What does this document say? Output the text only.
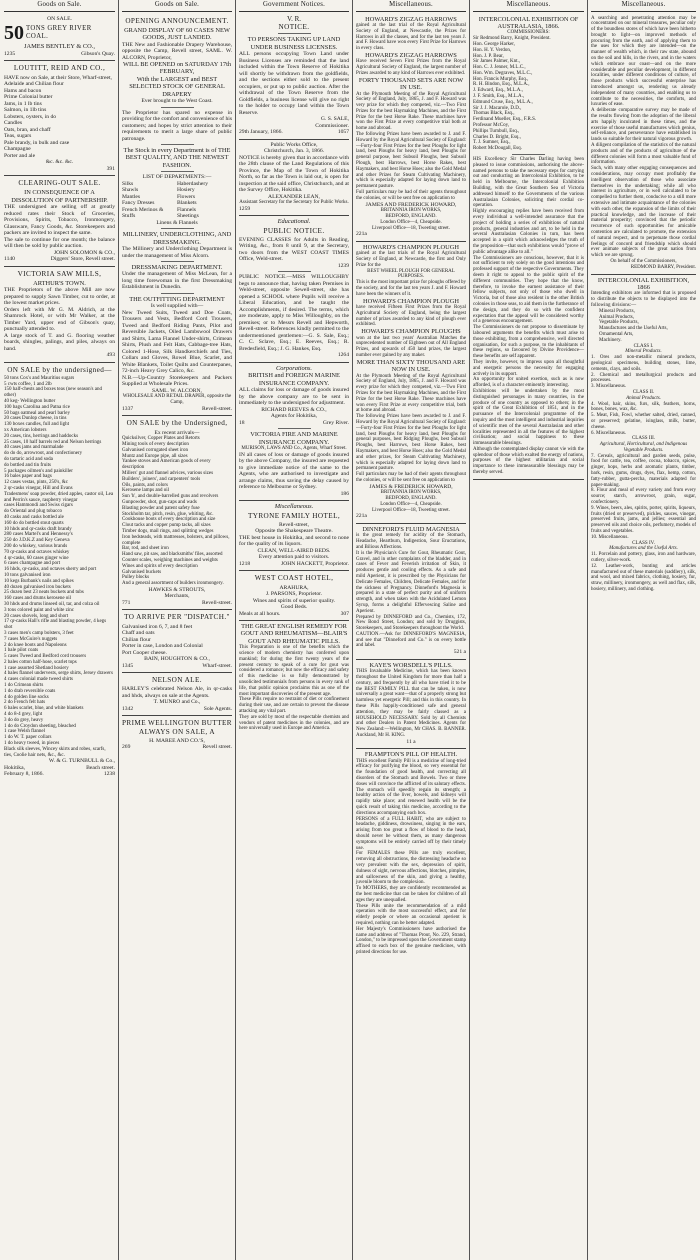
Goods on Sale.
ON SALE.
50 TONS GREY RIVER COAL.
JAMES BENTLEY & CO.,
1235	Gibson's Quay.
LOUTITT, REID AND CO.,
HAVE now on Sale, at their Store, Wharf-street,
Adelaide and Chilian flour
Hams and bacon
Prime Colonial butter
Jams, in 1 lb tins
Salmon, in 1lb tins
Lobsters, oysters, in do
Candles
Oats, bran, and chaff
Teas, sugars
Pale brandy, in bulk and case
Champagne
Porter and ale
&c. &c. &c.
391
CLEARING-OUT SALE.
IN CONSEQUENCE OF A DISSOLUTION OF PARTNERSHIP.
THE undersigned are selling off at greatly reduced rates their Stock of Groceries, Provisions, Spirits, Tobacco, Ironmongery, Glassware, Fancy Goods, &c. Storekeepers and packers are invited to inspect the same.
The sale to continue for one month; the balance will then be sold by public auction.
JOHN SOLOMON & CO.,
1140	Diggers' Store, Revell street.
VICTORIA SAW MILLS,
ARTHUR'S TOWN.
THE Proprietors of the above Mill are now prepared to supply Sawn Timber, cut to order, at the lowest market prices.
Orders left with Mr G. M. Aldrich, at the Shamrock Hotel, or with Mr Walker, at the Timber Yard, upper end of Gibson's quay, punctually attended to.
A large stock of T. and G. flooring weather boards, shingles, palings, and piles, always on hand.
493
ON SALE by the undersigned—
50 tons Cox's and Mauritius sugars
5 cwts coffee, 1 and 2lb
150 half-chests and boxes teas (new season's and other)
40 keg- Wellington butter
100 bags Carolina and Patna rice
50 bags oatmeal and pearl barley
20 cases Dunlop cheese, in tins
130 boxes candles, full and light
xx American lobsters
20 cases, tins, herrings and haddocks
25 cases, 10 half barrels red and Nelson herrings
40 cases jams and marmalade
do do do, arrowroot, and confectionery
do tartaric acid and soda
do bottled and tin fruits
5 packages oilmen's and painkiller
16 bales paper and bags
12 cases vestas, pints, 250's, &c
2 qr-casks vinegar, Hill and Evans
Tradesmens' soap powder, dried apples, castor oil, Lea and Perrin's sauce, raspberry vinegar
cases Hammondi and Swiss cigars
do Oriental and plug tobacco
40 casks and casks bottled ale
160 do do bottled stout quarts
10 hhds and qr-casks draft brandy
280 cases Martel's and Hennessy's
250 do J.D.K.Z and Key Geneva
200 do whiskey, various brands
70 qr-casks and octaves whiskey
4 qr-casks, 60 cases ginger wine
6 cases champagne and port
16 hhds, qr-casks, and octaves sherry and port
10 tons galvanised iron
10 kegs Burbank's nails and spikes
40 dozen galvanised iron buckets
25 dozen best 23 neats buckets and tubs
160 cases and drums kerosene oil
30 hhds and drums linseed oil, tar, and colza oil
3 tons colored paint and white zinc
20 cases shovels, long and short
17 qr-casks Hall's rifle and blasting powder, 4 kegs shot
3 cases men's camp bolsters, 3 feet
7 cases McGuire's nuggets
2 do knee boots and Napoleons
1 bale pilot coats
5 cases Tweed and Bedford cord trousers
2 bales cotton half-hose, scarlet tops
1 case assorted Shetland hosiery
4 bales flannel undervests, serge shirts, Jersey drawers
4 cases colonial made tweed shirts
1 do Crimean shirts
1 do drab reversible coats
4 do golden line socks
2 do French felt hats
6 bales scarlet, blue, and white blankets
4 do 8-4 grey, light
3 do do grey, heavy
1 do do Croydon sheeting, bleached
1 case Welsh flannel
1 do W. T. paper collars
1 do heavy tweed, in pieces
Black silk sleeves, Wincey skirts and robes, scarfs, ties, Coolie hair nets, &c., &c.
W. & G. TURNBULL & Co.,
Hokitika,	Beach street.
February 8, 1866.	1238
Goods on Sale.
OPENING ANNOUNCEMENT.
GRAND DISPLAY OF 60 CASES NEW GOODS, JUST LANDED.
THE New and Fashionable Drapery Warehouse, opposite the Camp, Revell street, SAML. W. ALCORN, Proprietor,
WILL BE OPENED on SATURDAY 17th FEBRUARY,
With the LARGEST and BEST SELECTED STOCK OF GENERAL DRAPERY
Ever brought to the West Coast.
The Proprietor has spared no expense in providing for the comfort and convenience of his customers; and hopes by strict attention to their requirements to merit a large share of public patronage.
The Stock in every Department is of THE BEST QUALITY, AND THE NEWEST FASHION.
LIST OF DEPARTMENTS:—
Silks
Shawls
Mantles
Fancy Dresses
French Merinos &
Stuffs
Haberdashery
Hosiery
Flowers
Blankets
Flannels
Sheetings
Linens & Flannels
MILLINERY, UNDERCLOTHING, AND DRESSMAKING.
The Millinery and Underclothing Department is under the management of Miss Alcorn.
DRESSMAKING DEPARTMENT.
Under the management of Miss McLean, for a long time forewoman in the first Dressmaking Establishment in Dunedin.
THE OUTFITTING DEPARTMENT
Is well supplied with—
New Tweed Suits, Tweed and Doe Coats, Trousers and Vests, Bedford Cord Trousers, Tweed and Bedford Riding Pants, Pilot and Reversible Jackets, Oiled Lambswool Drawers and Shirts, Lama Flannel Under-shirts, Crimean Shirts, Plush and Felt Hats, Cabbage-tree Hats, Colored 1-Hose, Silk Handkerchiefs and Ties, Collars and Gloves, Rowel Blue, Scarlet, and White Blankets, Toilet Quilts and Counterpanes, 72-inch Heavy Grey Calico, &c.
N.B.—Up-Country Storekeepers and Packers Supplied at Wholesale Prices.
SAML. W. ALCORN,
WHOLESALE AND RETAIL DRAPER, opposite the Camp,
1337	Revell-street.
ON SALE by the Undersigned,
Ex recent arrivals—
Quicksilver, Copper Plates and Retorts
Mining tools of every description
Galvanised corrugated sheet iron
Muntz and Europe pipe, all sizes
Yankee stoves and American goods of every description
Millers' gut and flannel advices, various sizes
Builders', joiners', and carpenters' tools
Oils, paints, and colors
Kerosene lamps and oil
Sun 'h', and double-barrelled guns and revolvers
Gunpowder, shot, gun-caps and wads
Blasting powder and patent safety fuse
Stockholm tar, pitch, resin, glue, whiting, &c.
Cookhouse boots of every description and size
Clout tacks and copper pump tacks, all sizes
Timber dogs, mail rings, and splitting wedges
Iron bedsteads, with mattresses, bolsters, and pillows, complete
Bar, rod, and sheet iron
Hand saw, pit saw, and blacksmiths' files, assorted
Counter scales, weighing machines and weights
Wines and spirits of every description
Galvanised buckets
Pulley blocks
And a general assortment of builders ironmongery.
HAWKES & STROUTS,
Merchants,
771	Revell-street.
TO ARRIVE PER "DISPATCH."
Galvanised iron 6, 7, and 8 feet
Chaff and oats
Chilian flour
Porter in case, London and Colonial
Port Cooper cheese.
BAIN, HOUGHTON & CO.,
1345	Wharf-street.
NELSON ALE.
HARLEY'S celebrated Nelson Ale, in qr-casks and hhds, always on sale at the Agents.
T. MUNRO and Co.,
1342	Sole Agents.
PRIME WELLINGTON BUTTER ALWAYS ON SALE, A
H. MAREE AND CO.'S,
269	Revell street.
Government Notices.
V. R.
NOTICE.
TO PERSONS TAKING UP LAND UNDER BUSINESS LICENSES.
ALL persons occupying Town Land under Business Licenses are reminded that the land included within the Town Reserve of Hokitika will shortly be withdrawn from the goldfields, and the sections either sold to the present occupiers, or put up to public auction. After the withdrawal of the Town Reserve from the Goldfields, a business license will give no right to the holder to occupy land within the Town Reserve.
G. S. SALE,
Commissioner.
29th January, 1866.	1057
Public Works Office,
Christchurch, Jan. 3, 1866.
NOTICE is hereby given that in accordance with the 28th clause of the Land Regulations of this Province, the Map of the Town of Hokitika North, so far as the Town is laid out, is open for inspection at the said office, Christchurch, and at the Survey Office, Hokitika.
ALEXANDER LEAN,
Assistant Secretary for the Secretary for Public Works.
1259
Educational.
PUBLIC NOTICE.
EVENING CLASSES for Adults in Reading, Writing, &c., from 8 until 9, at the Secretary, two doors from the WEST COAST TIMES Office, Weld-street.
1239
PUBLIC NOTICE.—MISS WILLOUGHBY begs to announce that, having taken Premises in Weld-street, opposite Sewell-street, she has opened a SCHOOL where Pupils will receive a Liberal Education, and be taught the Accomplishments, if desired. The terms, which are moderate, apply to Miss Willoughby, on the premises; or to Messrs Revell and Hepworth, Revell-street. References kindly permitted to the undermentioned gentlemen:—G. S. Sale, Esq.; C. C. Sclave, Esq.; E. Reeves, Esq.; R. Bredesfield, Esq.; J. G. Hankes, Esq.
1264
Corporations.
BRITISH and FOREIGN MARINE INSURANCE COMPANY.
ALL claims for loss or damage of goods insured by the above company are to be sent in immediately to the undersigned for adjustment.
RICHARD REEVES & CO.,
Agents for Hokitika,
18	Grey River.
VICTORIA FIRE AND MARINE INSURANCE COMPANY.
MURISON, LAWS AND Co., Agents, Wharf Street.
IN all cases of loss or damage of goods insured by the above Company, the insured are requested to give immediate notice of the same to the Agents, who are authorised to investigate and arrange claims, thus saving the delay caused by reference to Melbourne or Sydney.
186
Miscellaneous.
TYRONE FAMILY HOTEL,
Revell-street,
Opposite the Shakespeare Theatre.
THE best house in Hokitika, and second to none for the quality of its liquors.
CLEAN, WELL-AIRED BEDS.
Every attention paid to visitors.
1218	JOHN HACKETT, Proprietor.
WEST COAST HOTEL,
ARAHURA,
J. PARSONS, Proprietor.
Wines and spirits of superior quality.
Good Beds.
Meals at all hours.	307
THE GREAT ENGLISH REMEDY FOR GOUT AND RHEUMATISM—BLAIR'S GOUT AND RHEUMATIC PILLS.
This Preparation is one of the benefits which the science of modern chemistry has conferred upon mankind; for during the first twenty years of the present century to speak of a cure for gout was considered a romance; but now the efficacy and safety of this medicine is so fully demonstrated by unsolicited testimonials from persons in every rank of life, that public opinion proclaims this as one of the most important discoveries of the present age.
These Pills require no restraint of diet or confinement during their use, and are certain to prevent the disease attacking any vital part.
They are sold by most of the respectable chemists and vendors of patent medicines in the colonies, and are here universally used in Europe and America.
Miscellaneous.
HOWARD'S ZIGZAG HARROWS
gained at the last trial of the Royal Agricultural Society of England, at Newcastle, the Prizes for Harrows in all the classes, and for the last ten years J. and F. Howard have won every First Prize for Harrows in every class.
HOWARD'S ZIGZAG HARROWS
Have received Seven First Prizes from the Royal Agricultural Society of England, the largest number of Prizes awarded to any kind of Harrows ever exhibited.
FORTY THOUSAND SETS ARE NOW IN USE.
At the Plymouth Meeting of the Royal Agricultural Society of England, July, 1865, J. and F. Howard was very prize for which they competed, viz.—Two First Prizes for the best Haymaking Machines, and the First Prize for the best Horse Rake. These machines have won the First Prize at every competitive trial both at home and abroad.
The following Prizes have been awarded to J. and F. Howard by the Royal Agricultural Society of England:—Forty-four First Prizes for the best Ploughs for light land, best Ploughs for heavy land, best Ploughs for general purpose, best Subsoil Ploughs, best Subsoil Plough, best Harrows, best Horse Rakes, best Haymakers, and best Horse Hoes; also the Gold Medal and other Prizes for Steam Cultivating Machinery, which is especially adapted for laying down land to permanent pasture.
Full particulars may be had of their agents throughout the colonies, or will be sent free on application to
JAMES AND FREDERICK HOWARD,
BRITANNIA IRON WORKS,
BEDFORD, ENGLAND.
London Office—4, Cheapside.
Liverpool Office—18, Tweeting street.
221a
HOWARD'S CHAMPION PLOUGH
gained at the last trials of the Royal Agricultural Society of England, at Newcastle, the first and Only Prize for the
BEST WHEEL PLOUGH FOR GENERAL PURPOSES.
This is the most important prize for ploughs offered by the society, and for the last ten years J. and F. Howard have been the winners of it.
HOWARD'S CHAMPION PLOUGH
have received Fifteen First Prizes from the Royal Agricultural Society of England, being the largest number of prizes awarded to any kind of plough ever exhibited.
HOWARD'S CHAMPION PLOUGHS
won at the last two years' Australian Matches the unprecedented number of Eighteen out of All England Prizes, and upwards of 450 land prizes, the largest number ever gained by any maker.
MORE THAN SIXTY THOUSAND ARE NOW IN USE.
At the Plymouth Meeting of the Royal Agricultural Society of England, July, 1865, J. and F. Howard was every prize for which they competed, viz.—Two First Prizes for the best Haymaking Machines, and the First Prize for the best Horse Rake. These machines have won every First Prize at every competitive trial, both at home and abroad.
The following Prizes have been awarded to J. and F. Howard by the Royal Agricultural Society of England:—Forty-four First Prizes for the best Ploughs for light land, best Ploughs for heavy land, best Ploughs for general purposes, best Ridging Ploughs, best Subsoil Ploughs, best Harrows, best Horse Rakes, best Haymakers, and best Horse Hoes; also the Gold Medal and other prizes, for Steam Cultivating Machinery, which is especially adapted for laying down land to permanent pasture.
Full particulars may be had of their agents throughout the colonies, or will be sent free on application to
JAMES & FREDERICK HOWARD,
BRITANNIA IRON WORKS,
BEDFORD, ENGLAND.
London Office—4, Cheapside.
Liverpool Office—18, Tweeting street.
221a
DINNEFORD'S FLUID MAGNESIA
is the great remedy for acidity of the Stomach, Headache, Heartburn, Indigestion, Sour Eructations, and Bilious Affections.
It is the Physician's Cure for Gout, Rheumatic Gout, Gravel, and in other complaints of the bladder, and in cases of Fever and Feverish irritation of Skin, it produces gentle and cooling effects. As a safe and mild Aperient, it is prescribed by the Physicians for Delicate Females, Children, Delicate Females, and for the sickness of Pregnancy. Dinneford's Magnesia is prepared in a state of perfect purity and of uniform strength, and when taken with the Acidulated Lemon Syrup, forms a delightful Effervescing Saline and Aperient.
Prepared by DINNEFORD and Co., Chemists, 172, New Bond Street, London; and sold by Druggists, Storekeepers, and Storekeepers throughout the World.
CAUTION.—Ask for DINNEFORD'S MAGNESIA, and see that "Dinneford and Co." is on every bottle and label.
521 a
KAYE'S WORSDELL'S PILLS.
THIS Invaluable Medicine, which has been known throughout the United Kingdom for more than half a century, and frequently by all who have tried it to be the BEST FAMILY PILL that can be taken, is now universally a great want—that of a properly strong but harmless yet energetic Pill; and this in this country. In these Pills happily-conditioned safe and general attention, they may be fairly classed as a HOUSEHOLD NECESSARY. Sold by all Chemists and other Dealers in Patent Medicines. Agents for New Zealand:—Wellington, Mr CHAS. B. BANNER. Auckland, Mr H. KING.
11 a
FRAMPTON'S PILL OF HEALTH.
THIS excellent Family Pill is a medicine of long-tried efficacy for purifying the blood, so very essential for the foundation of good health, and correcting all disorders of the Stomach and Bowels. Two or three doses will convince the afflicted of its salutary effects. The stomach will speedily regain its strength; a healthy action of the liver, bowels, and kidneys will rapidly take place; and renewed health will be the quick result of taking this medicine, according to the directions accompanying each box.
PERSONS of a FULL HABIT, who are subject to headache, giddiness, drowsiness, singing in the ears, arising from too great a flow of blood to the head, should never be without them, as many dangerous symptoms will be entirely carried off by their timely use.
For FEMALES these Pills are truly excellent, removing all obstructions, the distressing headache so very prevalent with the sex, depression of spirit, dulness of sight, nervous affections, blotches, pimples, and sallowness of the skin, and giving a healthy, juvenile bloom to the complexion.
To MOTHERS, they are confidently recommended as the best medicine that can be taken for children of all ages they are unequalled.
These Pills unite the recommendation of a mild operation with the most successful effect, and for elderly people or where an occasional aperient is required, nothing can be better adapted.
Her Majesty's Commissioners have authorised the name and address of "Thomas Prout, No. 229, Strand, London," to be impressed upon the Government stamp affixed to each box of the genuine medicines, with printed directions for use.
Miscellaneous.
INTERCOLONIAL EXHIBITION OF AUSTRALASIA, 1866.
COMMISSIONERS:
Sir Redmond Barry, Knight, President.
Hon. George Harker,
Hon. H. Y. Verdon,
Hon. J. P. Bear,
Sir James Palmer, Knt.,
Hon. C. J. Jenner, M.L.C.,
Hon. Wm. Degraves, M.L.C.,
Hon. Francis Murphy, Esq.,
R. H. Bindon, Esq., M.L.A.,
J. Edward, Esq., M.L.A.,
J. F. Smith, Esq., M.L.A.,
Edmund Cruse, Esq., M.L.A.,
Sir J. J. Macarole, D.D.,
Thomas Black, Esq.,
Ferdinand Mueller, Esq., F.R.S.
Professor McCoy,
Phillips Turnbull, Esq.,
Charles D. Bright, Esq.,
T. J. Sumner, Esq.,
Robert McDougall, Esq.
HIS Excellency Sir Charles Darling having been pleased to issue commissions, authorising the above-named persons to take the necessary steps for carrying out and conducting an Intercolonial Exhibition, to be held in Melbourne, the Intercolonial Exhibition Building, with the Great Southern Sea of Victoria addressed himself to the Governments of the various Australasian Colonies, soliciting their cordial co-operation.
Highly encouraging replies have been received from every individual a well-intended assurance that the project of holding a series of exhibitions of natural products, general industries and art, to be held in the several Australasian Colonies in turn, has been accepted in a spirit which acknowledges the truth of the proposition—that such exhibitions would "prove of public advantage alike to all."
The Commissioners are conscious, however, that it is not sufficient to rely solely on the good intentions and professed support of the respective Governments. They deem it right to appeal to the public spirit of the different communities. They hope that the know, therefore, to invoke the earnest assistance of their fellow subjects, not only of those who dwell in Victoria, but of those also resident in the other British colonies in those seas, to aid them in the furtherance of the design, and they do so with the confident expectation that the appeal will be considered worthy of a generous encouragement.
The Commissioners do not propose to disseminate by laboured arguments the benefits which must arise to those exhibiting, from a comprehensive, well directed organisation, for such a purpose, to the inhabitants of these regions, so favoured by Divine Providence—these benefits are self apparent.
They invite, however, to impress upon all thoughtful and energetic persons the necessity for engaging actively in its support.
An opportunity for united exertion, such as is now afforded, is of a character eminently interesting.
Exhibitions will be undertaken by the most distinguished personages in many countries, in the produce of one country as opposed to others; in the spirit of the Great Exhibition of 1851, and in the pursuance of the Intercolonial programme of the inquiry and the most intelligent and industrial inquiries of scientific men of the several Australasian and other localities represented in all the features of the highest civilisation; and social happiness to these immeasurable blessings.
Although the contemplated display cannot vie with the splendour of those which exalted the energy of nations, purposes of the highest utilitarian and social importance to these immeasurable blessings may be thereby served.
Miscellaneous.
A searching and penetrating attention may be concentrated on our mineral treasures, peculiar only of the boundless stores of which have been hitherto brought to light—on improved methods of procuring from the earth, and of applying them to the uses for which they are intended—on the manner of wealth which, in their raw state, abound on the soil and hills, in the rivers, and in the waters which embrace our coast—and on the more considerable and peculiar development, in different localities, under different conditions of culture, of those products which successful enterprise has introduced amongst us, rendering us already independent of many countries, and enabling us to contribute to the necessities, the comforts, and luxuries of ease.
A deliberate comparative survey may be made of the results flowing from the adoption of the liberal arts happily inculcated in these times, and the exercise of those useful manufactures which genius, self-reliance, and perseverance have established in lands so suitable for their natural vigorous growth.
A diligent compilation of the statistics of the natural products and of the products of agriculture of the different colonies will form a most valuable fund of information.
Such, with many other engaging consequences and considerations, may occupy most profitably the intelligent observation of those who associate themselves in the undertaking; while all who interest in agriculture, or in well calculated to be compelled to further them, conducive to a still more extensive and intimate acquaintance of the colonies with each other, the expansion of the limits of their practical knowledge, and the increase of their material prosperity; convinced that the periodic recurrence of such opportunities for amicable contention are calculated to promote, the extension of natural respect, and to perpetuate those cordial feelings of concord and friendship which should ever animate subjects of the great nation from which we are sprung.
On behalf of the Commissioners,
REDMOND BARRY, President.
INTERCOLONIAL EXHIBITION, 1866
Intending exhibitors are informed that is proposed to distribute the objects to be displayed into the following divisions:—
Mineral Products,
Animal Products,
Vegetable Products,
Manufactures and the Useful Arts,
Ornamental Arts,
Machinery.
CLASS I.
Mineral Products.
1. Ores and non-metallic mineral products, geological specimens, building stones, lime, cements, clays, and soils.
2. Chemical and metallurgical products and processes.
3. Miscellaneous.
CLASS II.
Animal Products.
4. Wool, hair, skins, furs, silk, feathers, horns, bones, bones, wax, &c.
5. Meat, Fish, Fowl, whether salted, dried, canned, or preserved; gelatine, isinglass, milk, butter, cheese.
6. Miscellaneous.
CLASS III.
Agricultural, Horticultural, and Indigenous Vegetable Products.
7. Cereals, agricultural and garden seeds, pulse, food for cattle, tea, coffee, cocoa, tobacco, spices, ginger, hops, herbs and aromatic plants, timber, bark, resin, gums, drugs, dyes, flax, hemp, cotton, fatty-rubber, gutta-percha, materials adapted for paper-making.
8. Flour and meal of every variety and from every source; starch, arrowroot, grain, sugar, confectionery.
9. Wines, beers, ales, spirits, porter, spirits, liqueurs, fruits (dried or preserved), pickles, sauces, vinegar, preserved fruits, jams, and jellies; essential and preserved oils and choice oils, perfumery, models of fruits and vegetables.
10. Miscellaneous.
CLASS IV.
Manufactures and the Useful Arts.
11. Porcelain and pottery, glass, iron and hardware, cutlery, silver-work.
12. Leather-work, bunting and articles manufactured out of these materials (saddlery), silk, and wool, and mixed fabrics, clothing, hosiery, fur, straw, millinery, ironmongery, as well and flax, silk, hosiery, millinery, and clothing.
